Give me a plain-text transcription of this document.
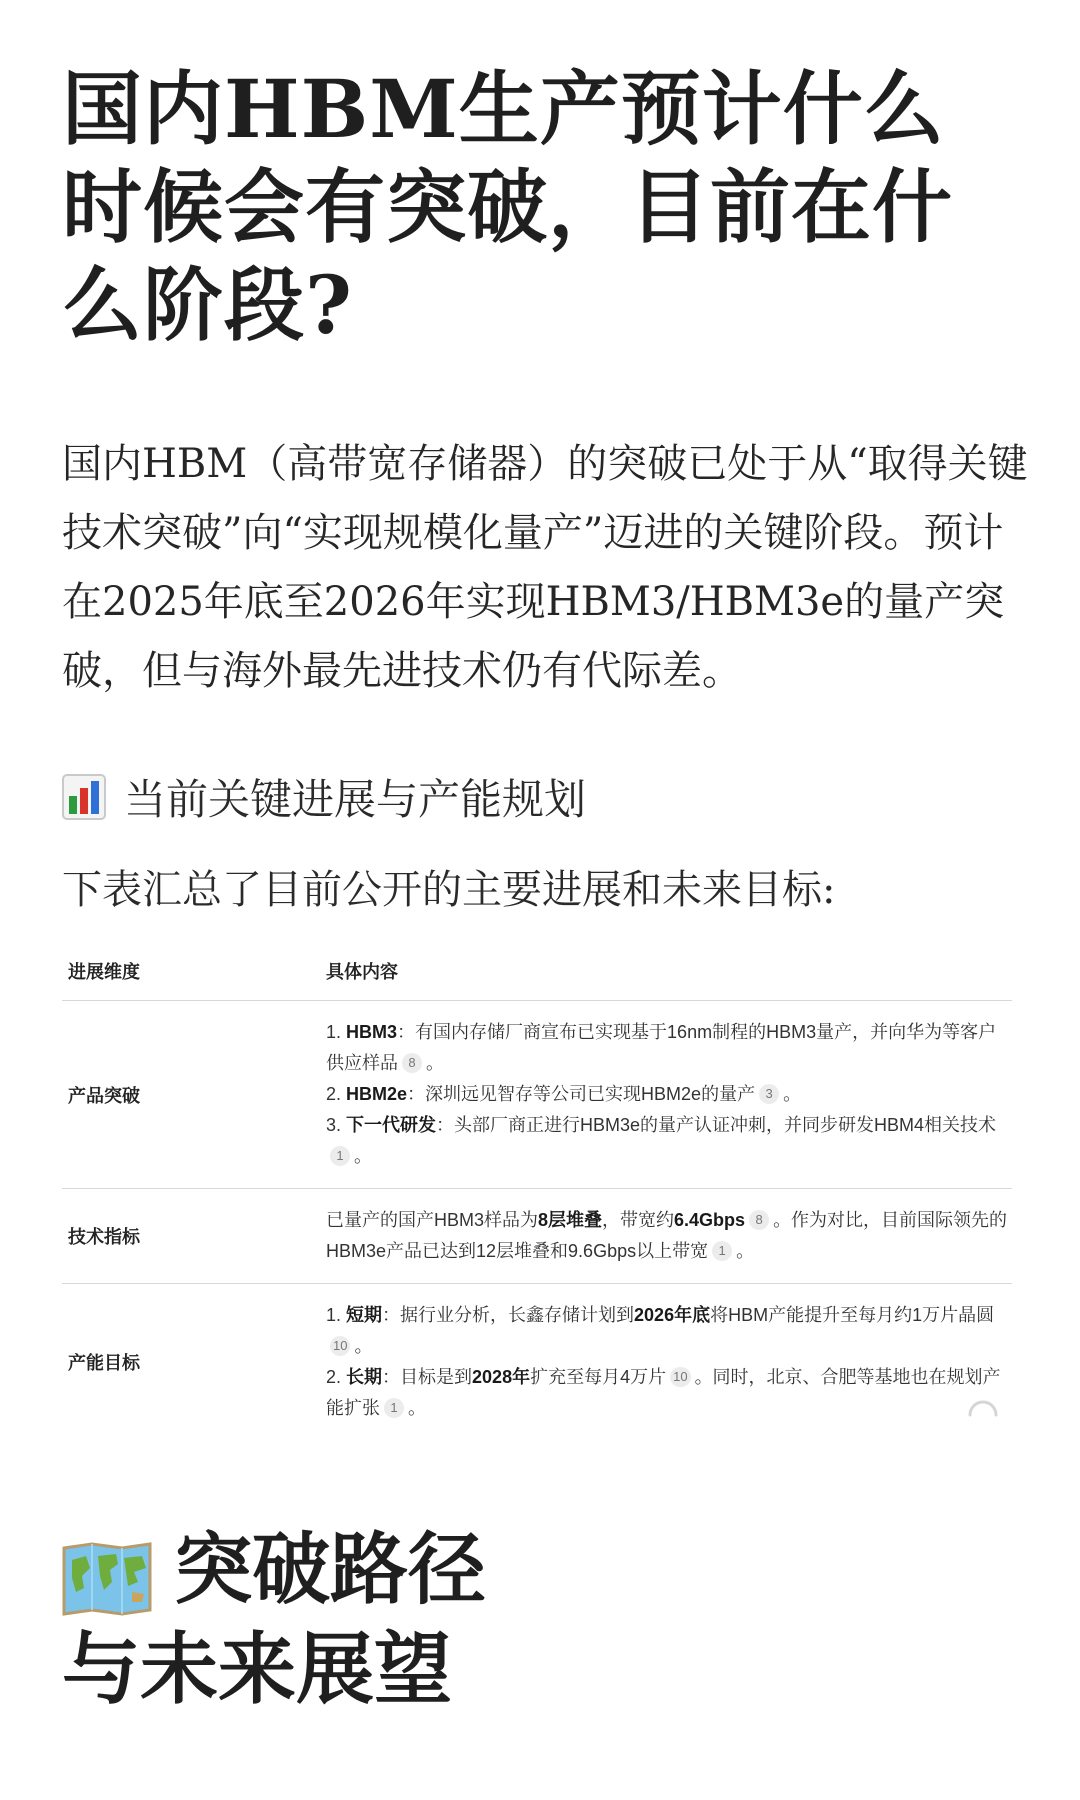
国内HBM生产预计什么时候会有突破，目前在什么阶段?

国内HBM（高带宽存储器）的突破已处于从“取得关键技术突破”向“实现规模化量产”迈进的关键阶段。预计在2025年底至2026年实现HBM3/HBM3e的量产突破，但与海外最先进技术仍有代际差。

当前关键进展与产能规划

下表汇总了目前公开的主要进展和未来目标:

进展维度	具体内容
产品突破	1. HBM3：有国内存储厂商宣布已实现基于16nm制程的HBM3量产，并向华为等客户供应样品 8 。

2. HBM2e：深圳远见智存等公司已实现HBM2e的量产 3 。

3. 下一代研发：头部厂商正进行HBM3e的量产认证冲刺，并同步研发HBM4相关技术1 。

技术指标	已量产的国产HBM3样品为8层堆叠，带宽约6.4Gbps 8 。作为对比，目前国际领先的HBM3e产品已达到12层堆叠和9.6Gbps以上带宽 1 。

产能目标	1. 短期：据行业分析，长鑫存储计划到2026年底将HBM产能提升至每月约1万片晶圆10 。

2. 长期：目标是到2028年扩充至每月4万片 10 。同时，北京、合肥等基地也在规划产能扩张 1 。

突破路径
与未来展望
